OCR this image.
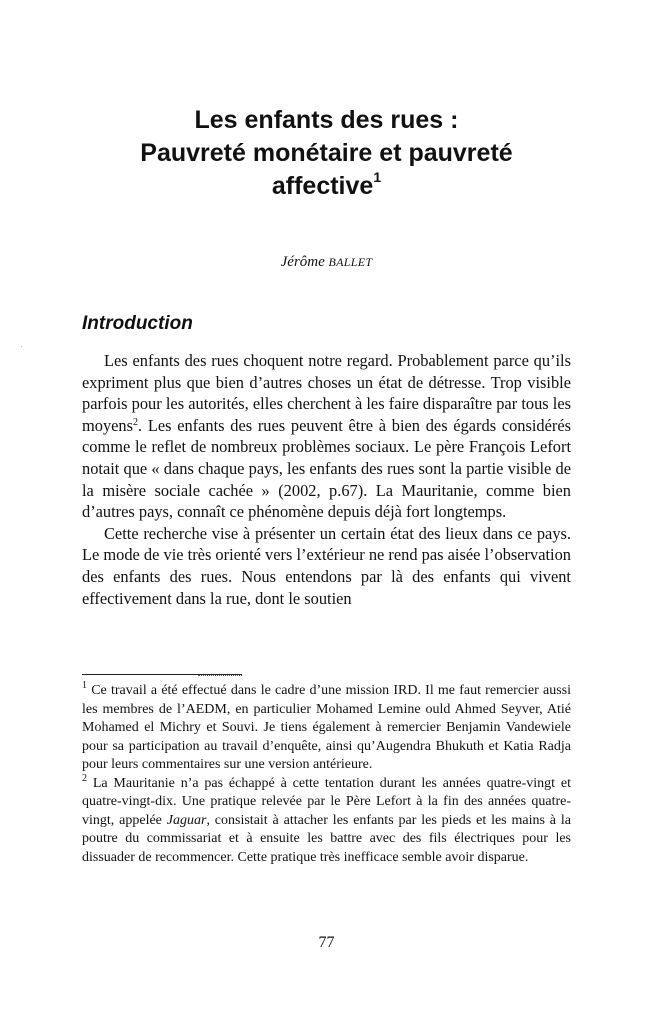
Les enfants des rues :
Pauvreté monétaire et pauvreté
affective$^1$
Jérôme BALLET
Introduction

Les enfants des rues choquent notre regard. Probablement parce qu’ils expriment plus que bien d’autres choses un état de détresse. Trop visible parfois pour les autorités, elles cherchent à les faire disparaître par tous les moyens$^2$. Les enfants des rues peuvent être à bien des égards considérés comme le reflet de nombreux problèmes sociaux. Le père François Lefort notait que « dans chaque pays, les enfants des rues sont la partie visible de la misère sociale cachée » (2002, p.67). La Mauritanie, comme bien d’autres pays, connaît ce phénomène depuis déjà fort longtemps.

Cette recherche vise à présenter un certain état des lieux dans ce pays. Le mode de vie très orienté vers l’extérieur ne rend pas aisée l’observation des enfants des rues. Nous entendons par là des enfants qui vivent effectivement dans la rue, dont le soutien

$^1$ Ce travail a été effectué dans le cadre d’une mission IRD. Il me faut remercier aussi les membres de l’AEDM, en particulier Mohamed Lemine ould Ahmed Seyver, Atié Mohamed el Michry et Souvi. Je tiens également à remercier Benjamin Vandewiele pour sa participation au travail d’enquête, ainsi qu’Augendra Bhukuth et Katia Radja pour leurs commentaires sur une version antérieure.

$^2$ La Mauritanie n’a pas échappé à cette tentation durant les années quatre-vingt et quatre-vingt-dix. Une pratique relevée par le Père Lefort à la fin des années quatre-vingt, appelée Jaguar, consistait à attacher les enfants par les pieds et les mains à la poutre du commissariat et à ensuite les battre avec des fils électriques pour les dissuader de recommencer. Cette pratique très inefficace semble avoir disparue.

77
